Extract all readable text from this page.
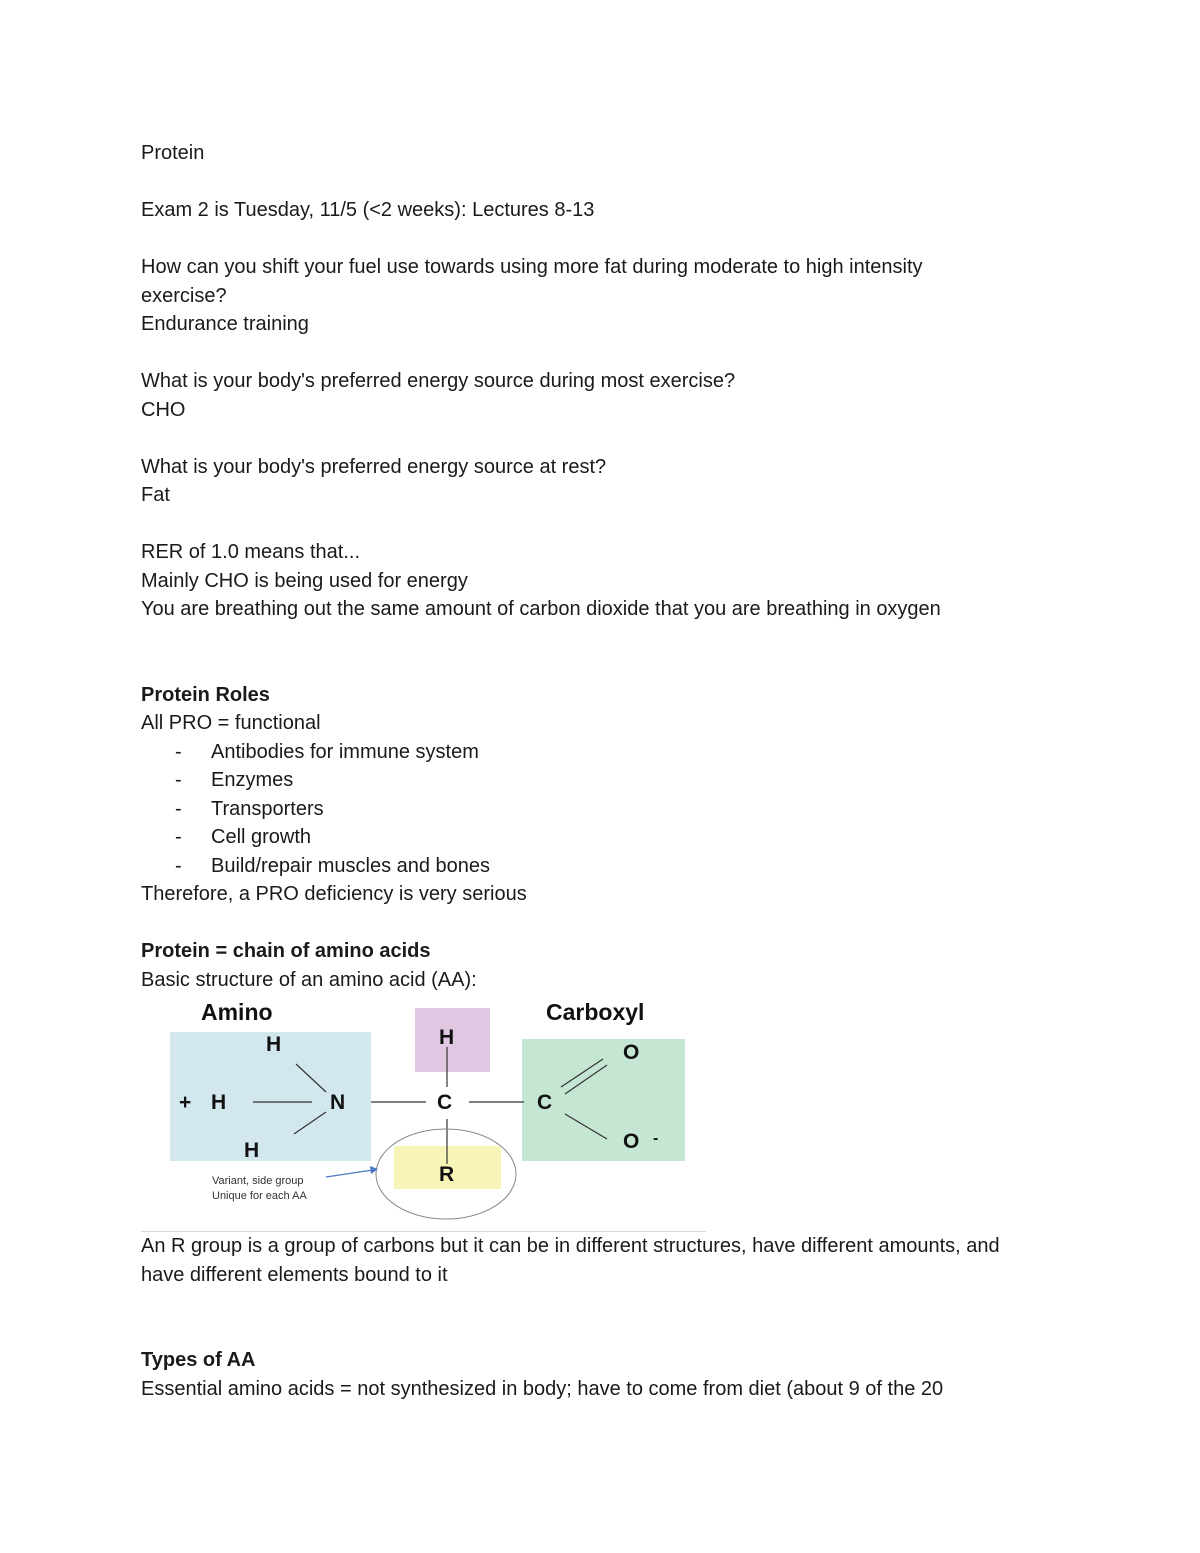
Protein

Exam 2 is Tuesday, 11/5 (<2 weeks): Lectures 8-13

How can you shift your fuel use towards using more fat during moderate to high intensity exercise?

Endurance training

What is your body's preferred energy source during most exercise?

CHO

What is your body's preferred energy source at rest?

Fat

RER of 1.0 means that...

Mainly CHO is being used for energy

You are breathing out the same amount of carbon dioxide that you are breathing in oxygen

Protein Roles

All PRO = functional

- Antibodies for immune system
- Enzymes
- Transporters
- Cell growth
- Build/repair muscles and bones

Therefore, a PRO deficiency is very serious

Protein = chain of amino acids

Basic structure of an amino acid (AA):

Amino	Carboxyl
H
+ H	N
H
H
C	C
O
O -
R
Variant, side group
Unique for each AA

An R group is a group of carbons but it can be in different structures, have different amounts, and have different elements bound to it

Types of AA

Essential amino acids = not synthesized in body; have to come from diet (about 9 of the 20
